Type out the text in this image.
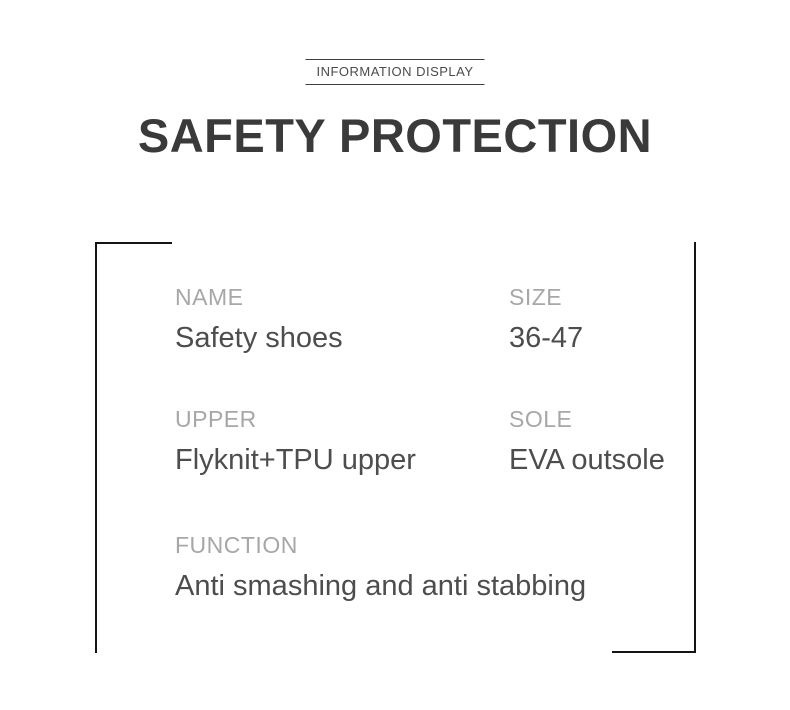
INFORMATION DISPLAY
SAFETY PROTECTION
NAME
Safety shoes
SIZE
36-47
UPPER
Flyknit+TPU upper
SOLE
EVA outsole
FUNCTION
Anti smashing and anti stabbing
